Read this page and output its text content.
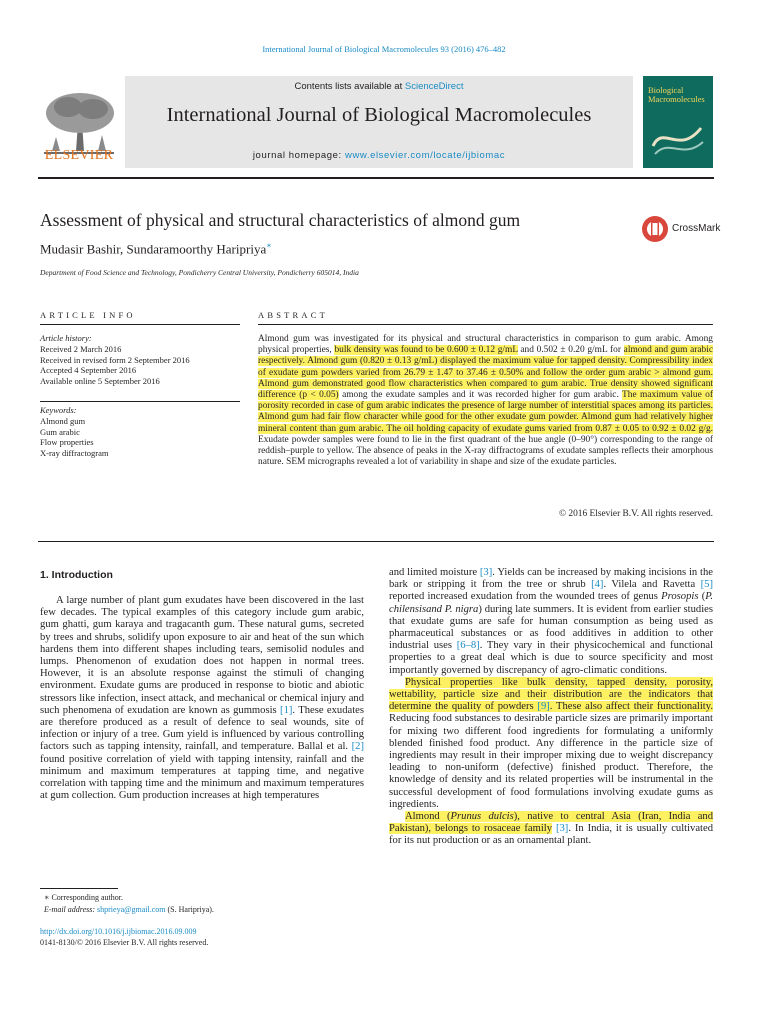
International Journal of Biological Macromolecules 93 (2016) 476–482
ELSEVIER
Contents lists available at ScienceDirect
International Journal of Biological Macromolecules
journal homepage: www.elsevier.com/locate/ijbiomac
Biological Macromolecules
Assessment of physical and structural characteristics of almond gum	CrossMark
Mudasir Bashir, Sundaramoorthy Haripriya∗
Department of Food Science and Technology, Pondicherry Central University, Pondicherry 605014, India
ARTICLE INFO	ABSTRACT
Article history:
Received 2 March 2016
Received in revised form 2 September 2016
Accepted 4 September 2016
Available online 5 September 2016
Keywords:
Almond gum
Gum arabic
Flow properties
X-ray diffractogram
Almond gum was investigated for its physical and structural characteristics in comparison to gum arabic. Among physical properties, bulk density was found to be 0.600 ± 0.12 g/mL and 0.502 ± 0.20 g/mL for almond and gum arabic respectively. Almond gum (0.820 ± 0.13 g/mL) displayed the maximum value for tapped density. Compressibility index of exudate gum powders varied from 26.79 ± 1.47 to 37.46 ± 0.50% and follow the order gum arabic > almond gum. Almond gum demonstrated good flow characteristics when compared to gum arabic. True density showed significant difference (p < 0.05) among the exudate samples and it was recorded higher for gum arabic. The maximum value of porosity recorded in case of gum arabic indicates the presence of large number of interstitial spaces among its particles. Almond gum had fair flow character while good for the other exudate gum powder. Almond gum had relatively higher mineral content than gum arabic. The oil holding capacity of exudate gums varied from 0.87 ± 0.05 to 0.92 ± 0.02 g/g. Exudate powder samples were found to lie in the first quadrant of the hue angle (0–90°) corresponding to the range of reddish–purple to yellow. The absence of peaks in the X-ray diffractograms of exudate samples reflects their amorphous nature. SEM micrographs revealed a lot of variability in shape and size of the exudate particles.
© 2016 Elsevier B.V. All rights reserved.
1. Introduction

A large number of plant gum exudates have been discovered in the last few decades. The typical examples of this category include gum arabic, gum ghatti, gum karaya and tragacanth gum. These natural gums, secreted by trees and shrubs, solidify upon exposure to air and heat of the sun which hardens them into different shapes including tears, semisolid nodules and lumps. Phenomenon of exudation does not happen in normal trees. However, it is an absolute response against the stimuli of changing environment. Exudate gums are produced in response to biotic and abiotic stressors like infection, insect attack, and mechanical or chemical injury and such phenomena of exudation are known as gummosis [1]. These exudates are therefore produced as a result of defence to seal wounds, site of infection or injury of a tree. Gum yield is influenced by various controlling factors such as tapping intensity, rainfall, and temperature. Ballal et al. [2] found positive correlation of yield with tapping intensity, rainfall and the minimum and maximum temperatures at tapping time, and negative correlation with tapping time and the minimum and maximum temperatures at gum collection. Gum production increases at high temperatures

and limited moisture [3]. Yields can be increased by making incisions in the bark or stripping it from the tree or shrub [4]. Vilela and Ravetta [5] reported increased exudation from the wounded trees of genus Prosopis (P. chilensisand P. nigra) during late summers. It is evident from earlier studies that exudate gums are safe for human consumption as being used as pharmaceutical substances or as food additives in addition to other industrial uses [6–8]. They vary in their physicochemical and functional properties to a great deal which is due to source specificity and most importantly governed by discrepancy of agro-climatic conditions.

Physical properties like bulk density, tapped density, porosity, wettability, particle size and their distribution are the indicators that determine the quality of powders [9]. These also affect their functionality. Reducing food substances to desirable particle sizes are primarily important for mixing two different food ingredients for formulating a uniformly blended finished food product. Any difference in the particle size of ingredients may result in their improper mixing due to weight discrepancy leading to non-uniform (defective) finished product. Therefore, the knowledge of density and its related properties will be instrumental in the successful development of food formulations involving exudate gums as ingredients.

Almond (Prunus dulcis), native to central Asia (Iran, India and Pakistan), belongs to rosaceae family [3]. In India, it is usually cultivated for its nut production or as an ornamental plant.

∗ Corresponding author.
E-mail address: shprieya@gmail.com (S. Haripriya).
http://dx.doi.org/10.1016/j.ijbiomac.2016.09.009
0141-8130/© 2016 Elsevier B.V. All rights reserved.
